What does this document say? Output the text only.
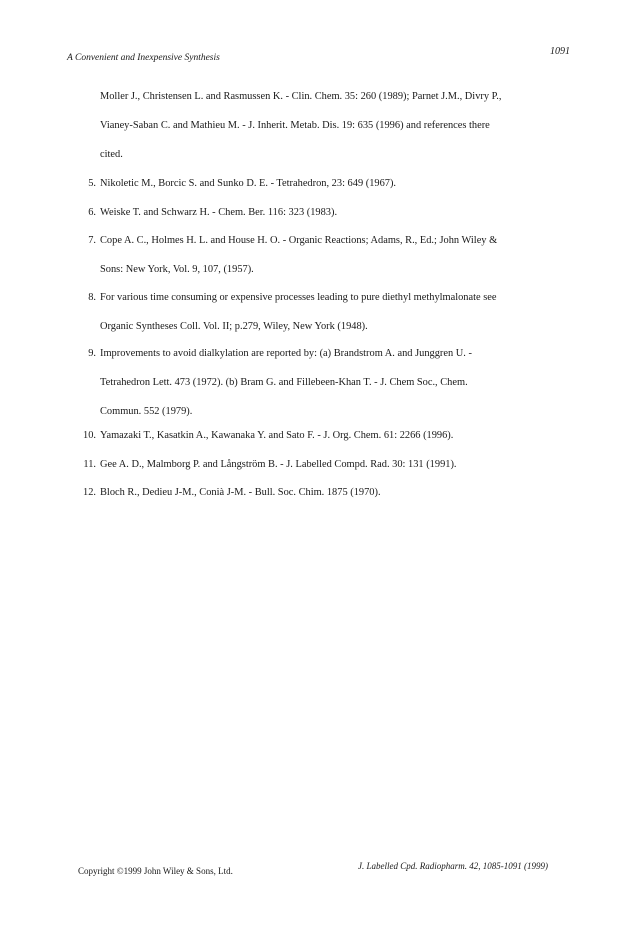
A Convenient and Inexpensive Synthesis
1091
Moller J., Christensen L. and Rasmussen K. - Clin. Chem. 35: 260 (1989); Parnet J.M., Divry P.,
Vianey-Saban C. and Mathieu M. - J. Inherit. Metab. Dis. 19: 635 (1996) and references there
cited.
5. Nikoletic M., Borcic S. and Sunko D. E. - Tetrahedron, 23: 649 (1967).
6. Weiske T. and Schwarz H. - Chem. Ber. 116: 323 (1983).
7. Cope A. C., Holmes H. L. and House H. O. - Organic Reactions; Adams, R., Ed.; John Wiley &
Sons: New York, Vol. 9, 107, (1957).
8. For various time consuming or expensive processes leading to pure diethyl methylmalonate see
Organic Syntheses Coll. Vol. II; p.279, Wiley, New York (1948).
9. Improvements to avoid dialkylation are reported by: (a) Brandstrom A. and Junggren U. -
Tetrahedron Lett. 473 (1972). (b) Bram G. and Fillebeen-Khan T. - J. Chem Soc., Chem.
Commun. 552 (1979).
10. Yamazaki T., Kasatkin A., Kawanaka Y. and Sato F. - J. Org. Chem. 61: 2266 (1996).
11. Gee A. D., Malmborg P. and Långström B. - J. Labelled Compd. Rad. 30: 131 (1991).
12. Bloch R., Dedieu J-M., Conià J-M. - Bull. Soc. Chim. 1875 (1970).
Copyright ©1999 John Wiley & Sons, Ltd.	J. Labelled Cpd. Radiopharm. 42, 1085-1091 (1999)
